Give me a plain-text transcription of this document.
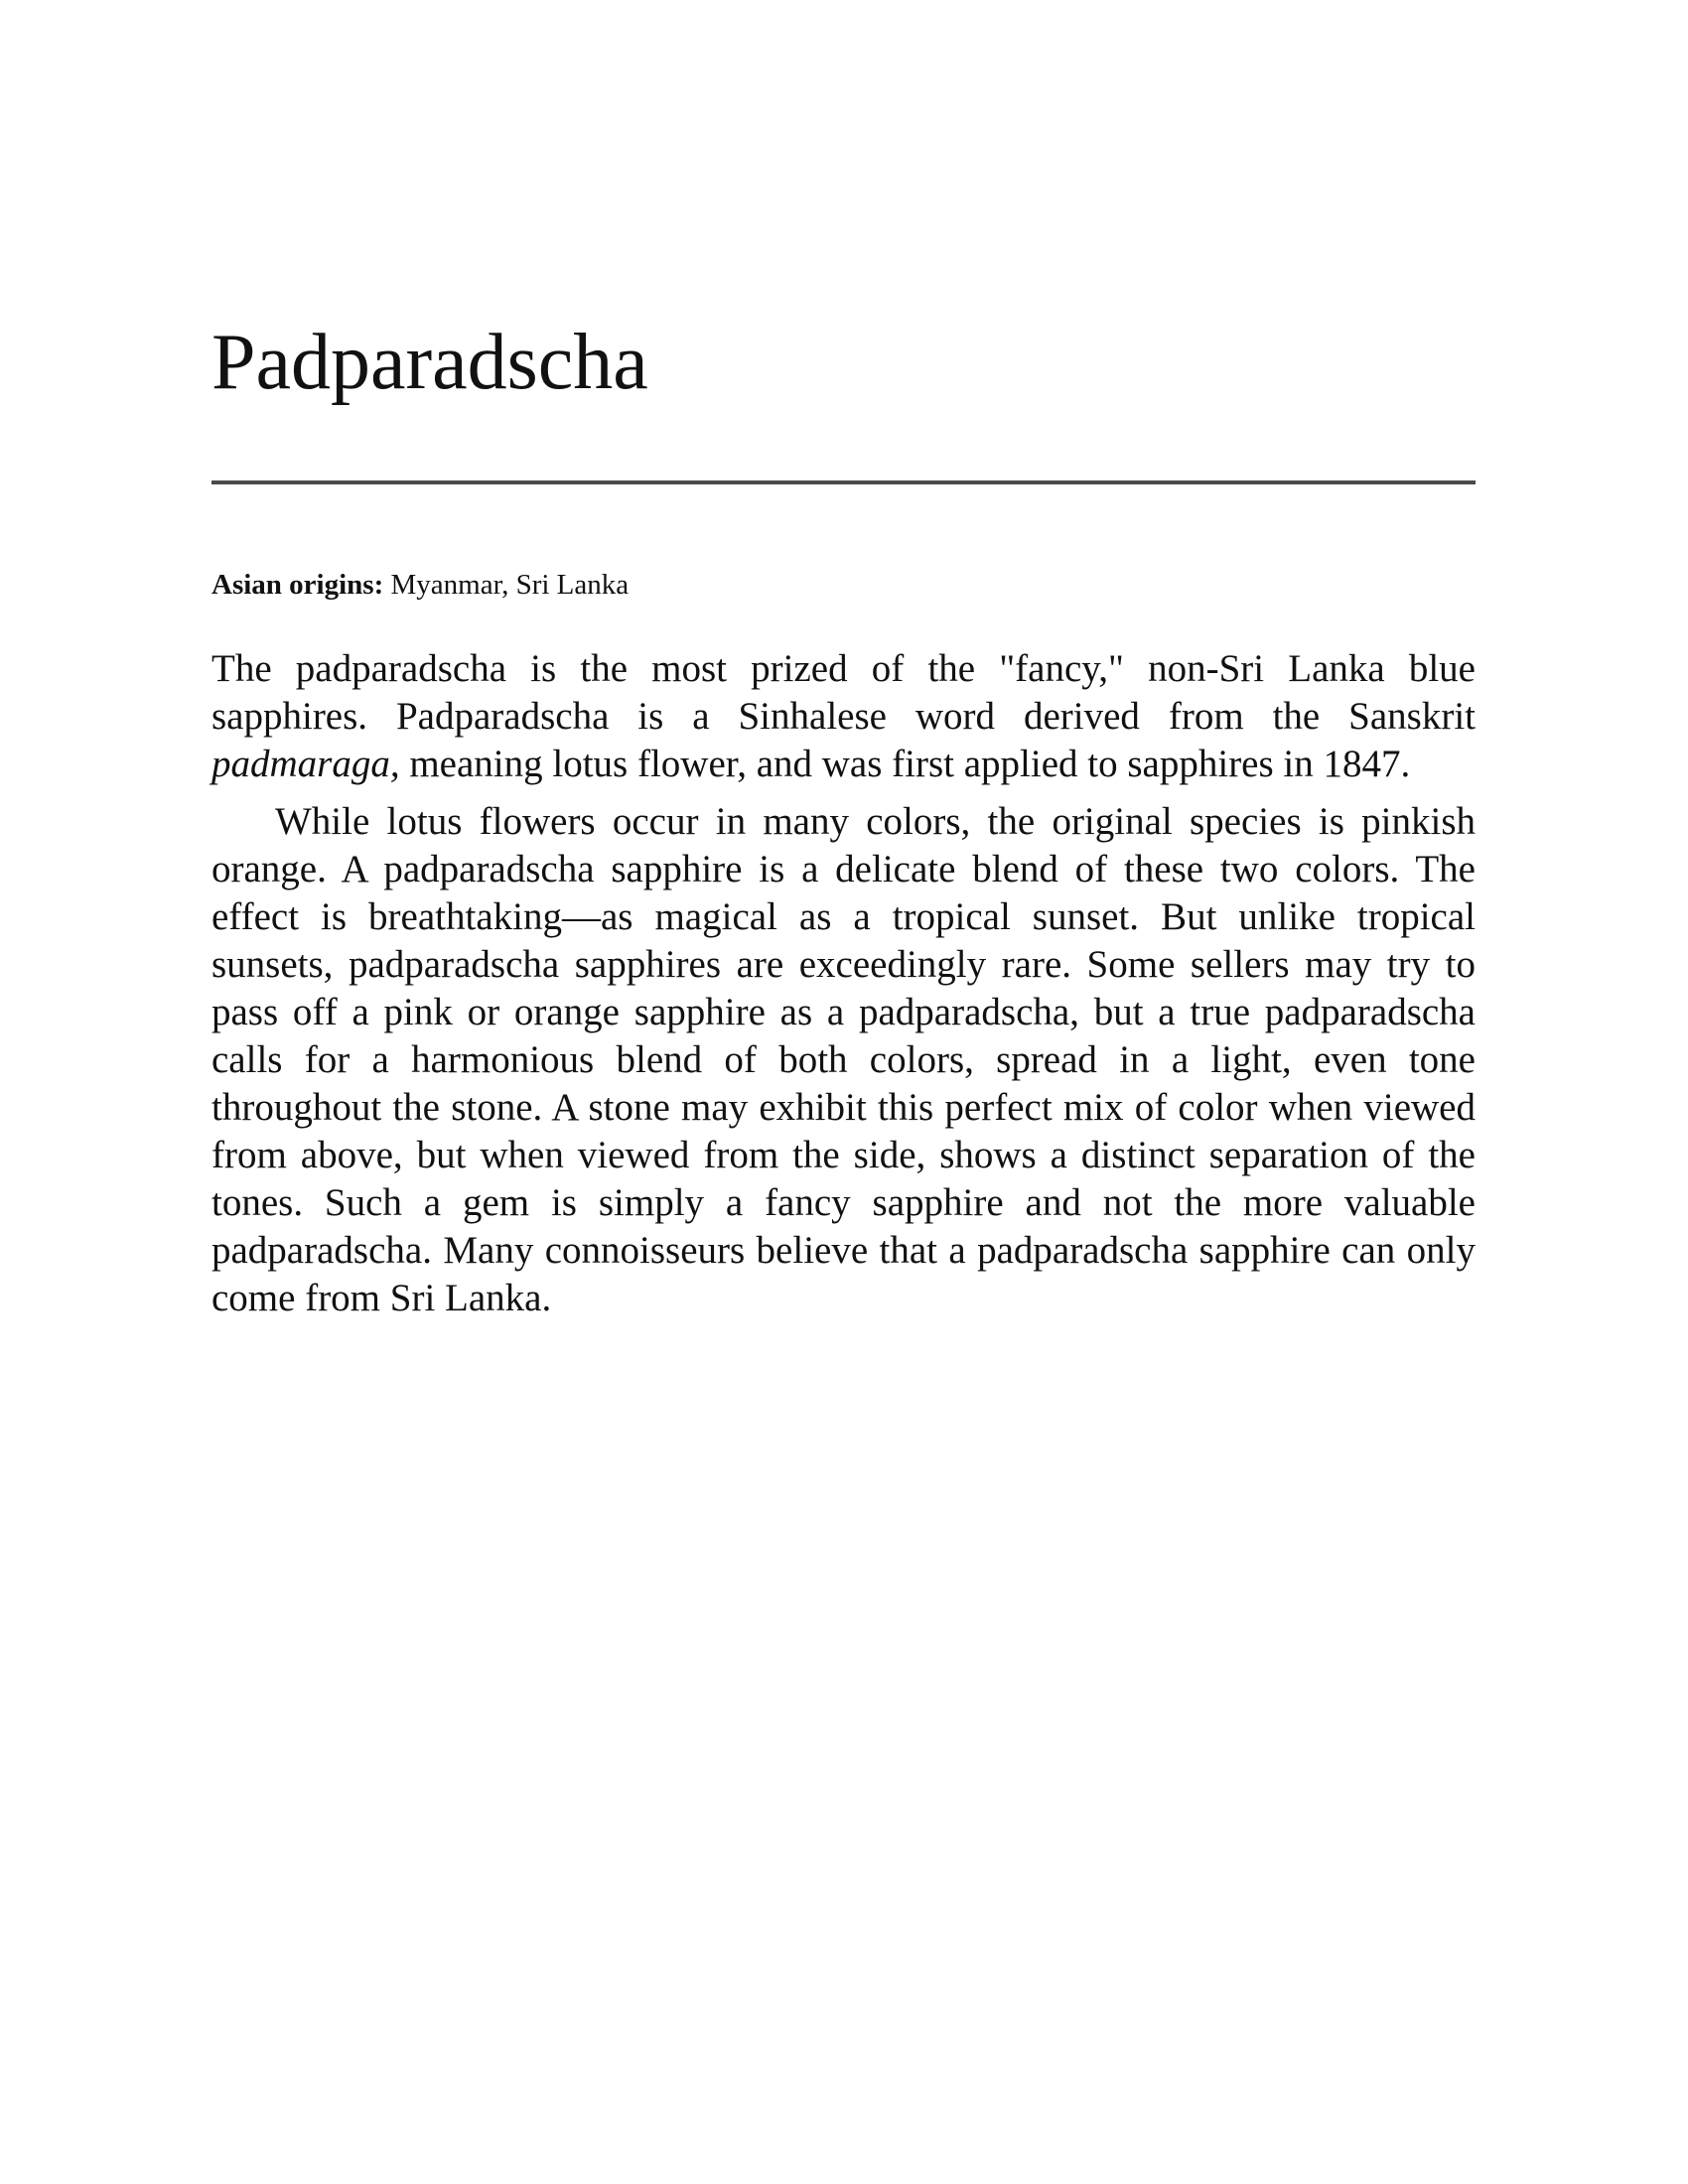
Padparadscha

Asian origins: Myanmar, Sri Lanka

The padparadscha is the most prized of the "fancy," non-Sri Lanka blue sapphires. Padparadscha is a Sinhalese word derived from the Sanskrit padmaraga, meaning lotus flower, and was first applied to sapphires in 1847.

While lotus flowers occur in many colors, the original species is pinkish orange. A padparadscha sapphire is a delicate blend of these two colors. The effect is breathtaking—as magical as a tropical sunset. But unlike tropical sunsets, padparadscha sapphires are exceedingly rare. Some sellers may try to pass off a pink or orange sapphire as a padparadscha, but a true padparadscha calls for a harmonious blend of both colors, spread in a light, even tone throughout the stone. A stone may exhibit this perfect mix of color when viewed from above, but when viewed from the side, shows a distinct separation of the tones. Such a gem is simply a fancy sapphire and not the more valuable padparadscha. Many connoisseurs believe that a padparadscha sapphire can only come from Sri Lanka.
